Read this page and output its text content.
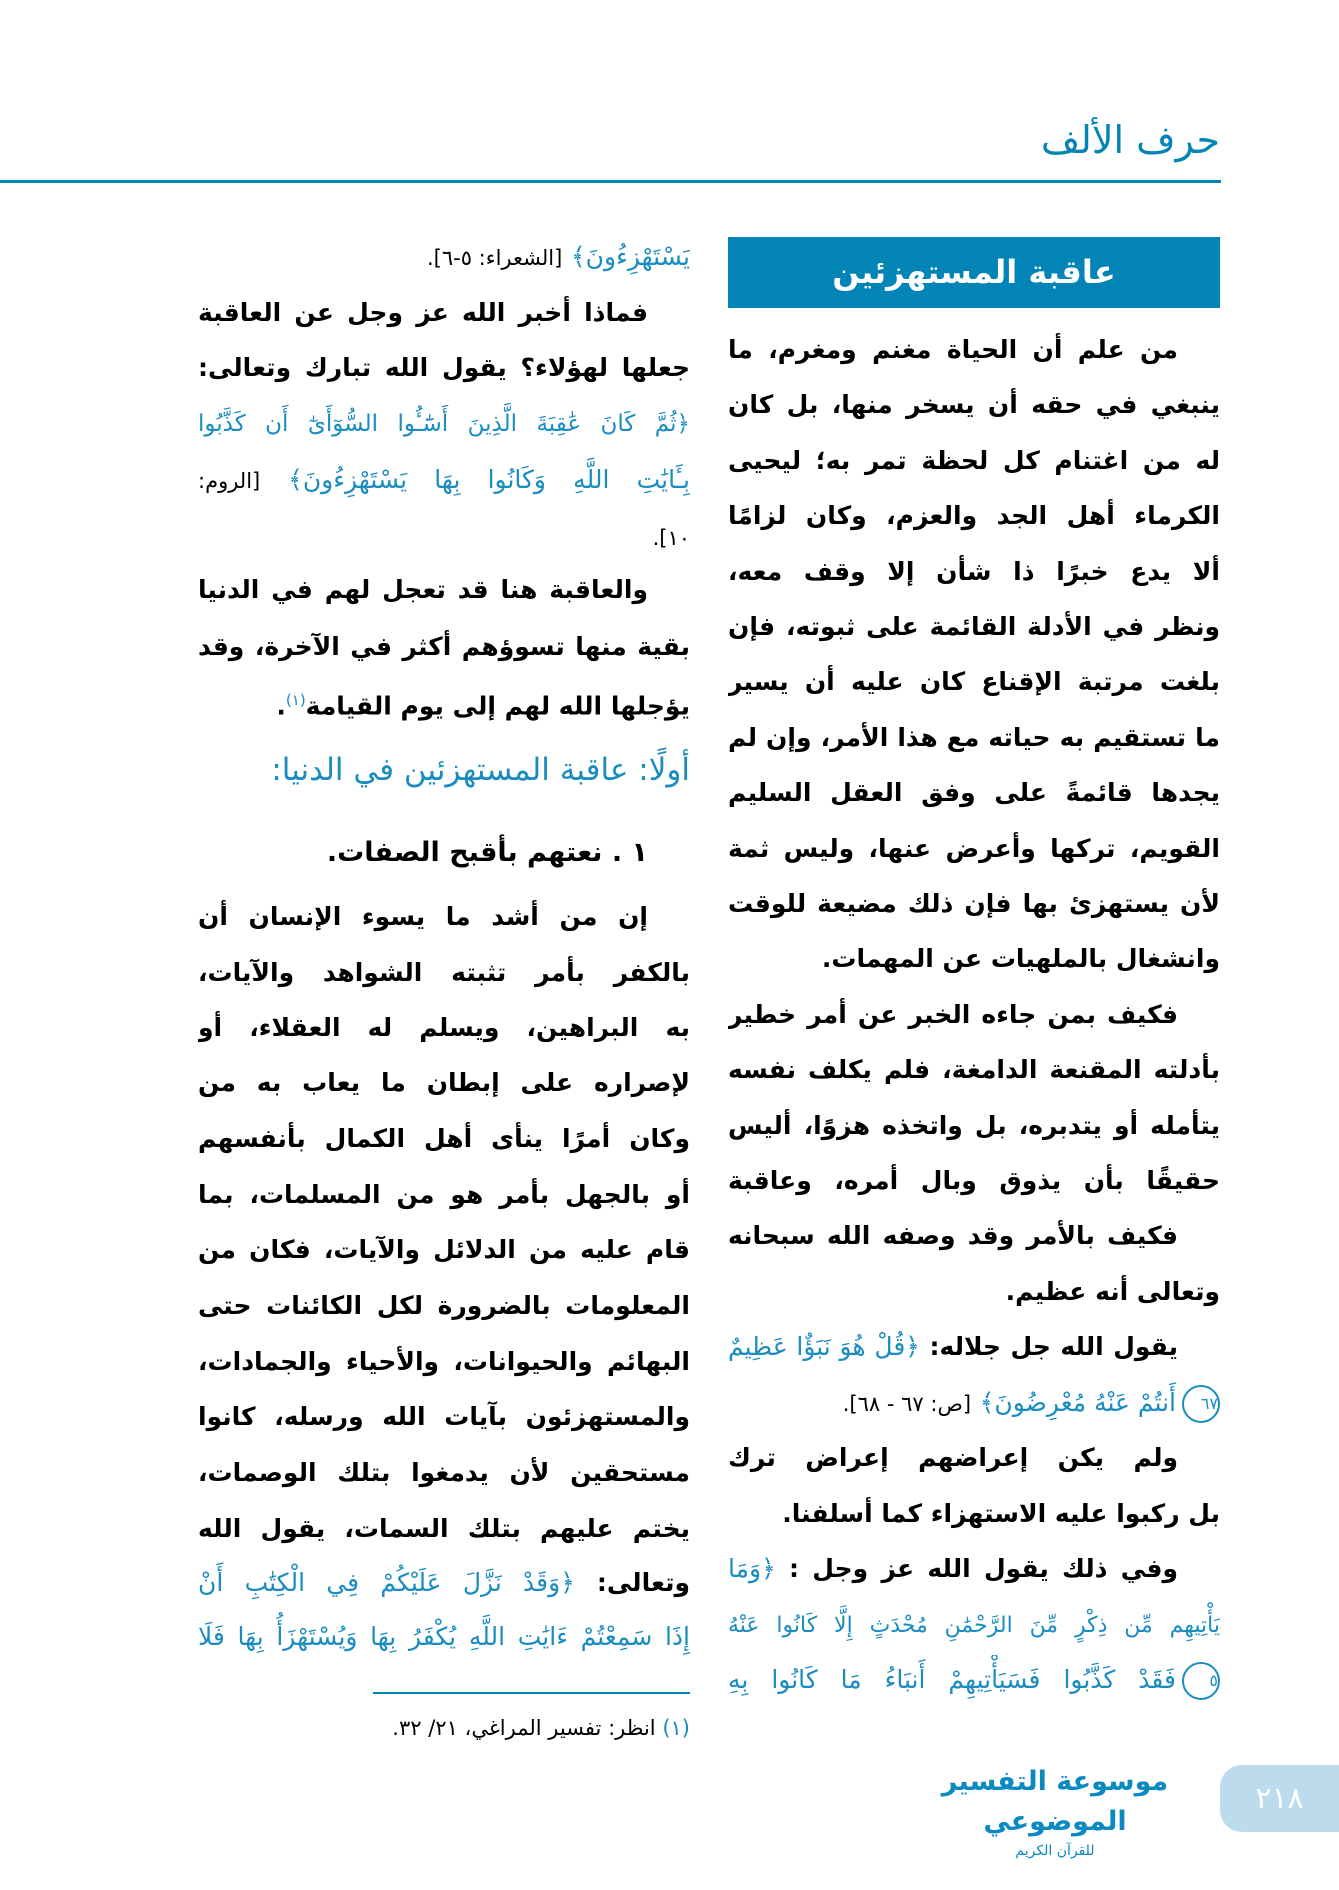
حرف الألف
عاقبة المستهزئين
من علم أن الحياة مغنم ومغرم، ما
ينبغي في حقه أن يسخر منها، بل كان
له من اغتنام كل لحظة تمر به؛ ليحيى
الكرماء أهل الجد والعزم، وكان لزامًا
ألا يدع خبرًا ذا شأن إلا وقف معه،
ونظر في الأدلة القائمة على ثبوته، فإن
بلغت مرتبة الإقناع كان عليه أن يسير
ما تستقيم به حياته مع هذا الأمر، وإن لم
يجدها قائمةً على وفق العقل السليم
القويم، تركها وأعرض عنها، وليس ثمة
لأن يستهزئ بها فإن ذلك مضيعة للوقت
وانشغال بالملهيات عن المهمات.
فكيف بمن جاءه الخبر عن أمر خطير
بأدلته المقنعة الدامغة، فلم يكلف نفسه
يتأمله أو يتدبره، بل واتخذه هزوًا، أليس
حقيقًا بأن يذوق وبال أمره، وعاقبة
فكيف بالأمر وقد وصفه الله سبحانه
وتعالى أنه عظيم.
يقول الله جل جلاله: ﴿قُلْ هُوَ نَبَؤٌا عَظِيمٌ
٦٧أَنتُمْ عَنْهُ مُعْرِضُونَ﴾ [ص: ٦٧ - ٦٨].
ولم يكن إعراضهم إعراض ترك
بل ركبوا عليه الاستهزاء كما أسلفنا.
وفي ذلك يقول الله عز وجل : ﴿وَمَا
يَأْتِيهِم مِّن ذِكْرٍ مِّنَ الرَّحْمَٰنِ مُحْدَثٍ إِلَّا كَانُوا عَنْهُ
٥فَقَدْ كَذَّبُوا فَسَيَأْتِيهِمْ أَنبَاءُ مَا كَانُوا بِهِ
يَسْتَهْزِءُونَ﴾ [الشعراء: ٥-٦].
فماذا أخبر الله عز وجل عن العاقبة
جعلها لهؤلاء؟ يقول الله تبارك وتعالى:
﴿ثُمَّ كَانَ عَٰقِبَةَ الَّذِينَ أَسَٰٓـُٔوا السُّوٓأَىٰٓ أَن كَذَّبُوا
بِـَٔايَٰتِ اللَّهِ وَكَانُوا بِهَا يَسْتَهْزِءُونَ﴾ [الروم:
١٠].
والعاقبة هنا قد تعجل لهم في الدنيا
بقية منها تسوؤهم أكثر في الآخرة، وقد
يؤجلها الله لهم إلى يوم القيامة$^{(١)}$.
أولًا: عاقبة المستهزئين في الدنيا:
١ . نعتهم بأقبح الصفات.
إن من أشد ما يسوء الإنسان أن
بالكفر بأمر تثبته الشواهد والآيات،
به البراهين، ويسلم له العقلاء، أو
لإصراره على إبطان ما يعاب به من
وكان أمرًا ينأى أهل الكمال بأنفسهم
أو بالجهل بأمر هو من المسلمات، بما
قام عليه من الدلائل والآيات، فكان من
المعلومات بالضرورة لكل الكائنات حتى
البهائم والحيوانات، والأحياء والجمادات،
والمستهزئون بآيات الله ورسله، كانوا
مستحقين لأن يدمغوا بتلك الوصمات،
يختم عليهم بتلك السمات، يقول الله
وتعالى: ﴿وَقَدْ نَزَّلَ عَلَيْكُمْ فِي الْكِتَٰبِ أَنْ
إِذَا سَمِعْتُمْ ءَايَٰتِ اللَّهِ يُكْفَرُ بِهَا وَيُسْتَهْزَأُ بِهَا فَلَا
(١) انظر: تفسير المراغي، ٢١/ ٣٢.
موسوعة التفسير الموضوعي
للقرآن الكريم
٢١٨
